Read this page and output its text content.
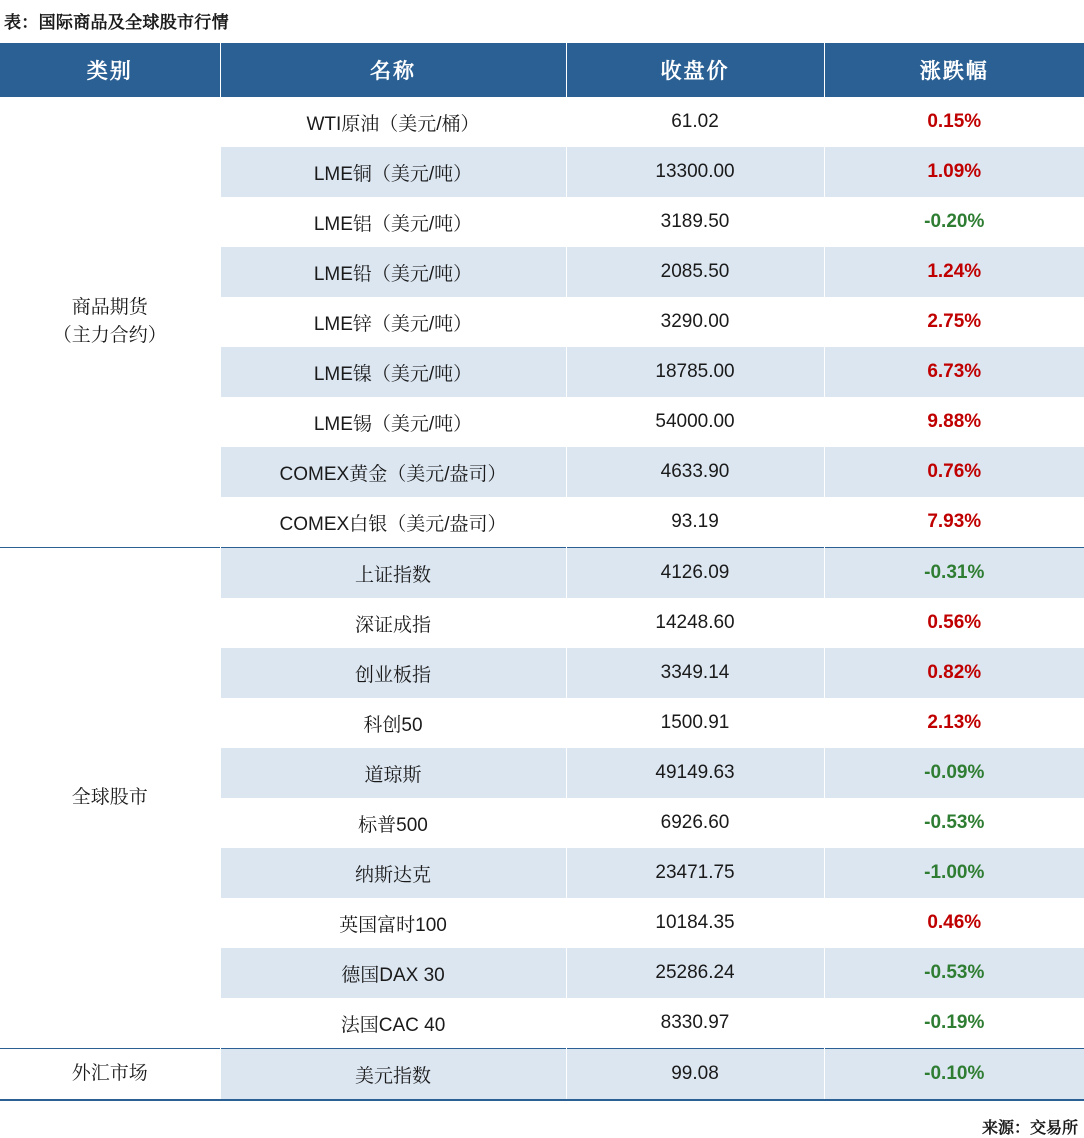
表：国际商品及全球股市行情
类别	名称	收盘价	涨跌幅

商品期货
（主力合约）	WTI原油（美元/桶）	61.02	0.15%
	LME铜（美元/吨）	13300.00	1.09%
	LME铝（美元/吨）	3189.50	-0.20%
	LME铅（美元/吨）	2085.50	1.24%
	LME锌（美元/吨）	3290.00	2.75%
	LME镍（美元/吨）	18785.00	6.73%
	LME锡（美元/吨）	54000.00	9.88%
	COMEX黄金（美元/盎司）	4633.90	0.76%
	COMEX白银（美元/盎司）	93.19	7.93%

全球股市	上证指数	4126.09	-0.31%
	深证成指	14248.60	0.56%
	创业板指	3349.14	0.82%
	科创50	1500.91	2.13%
	道琼斯	49149.63	-0.09%
	标普500	6926.60	-0.53%
	纳斯达克	23471.75	-1.00%
	英国富时100	10184.35	0.46%
	德国DAX 30	25286.24	-0.53%
	法国CAC 40	8330.97	-0.19%

外汇市场	美元指数	99.08	-0.10%
来源：交易所
